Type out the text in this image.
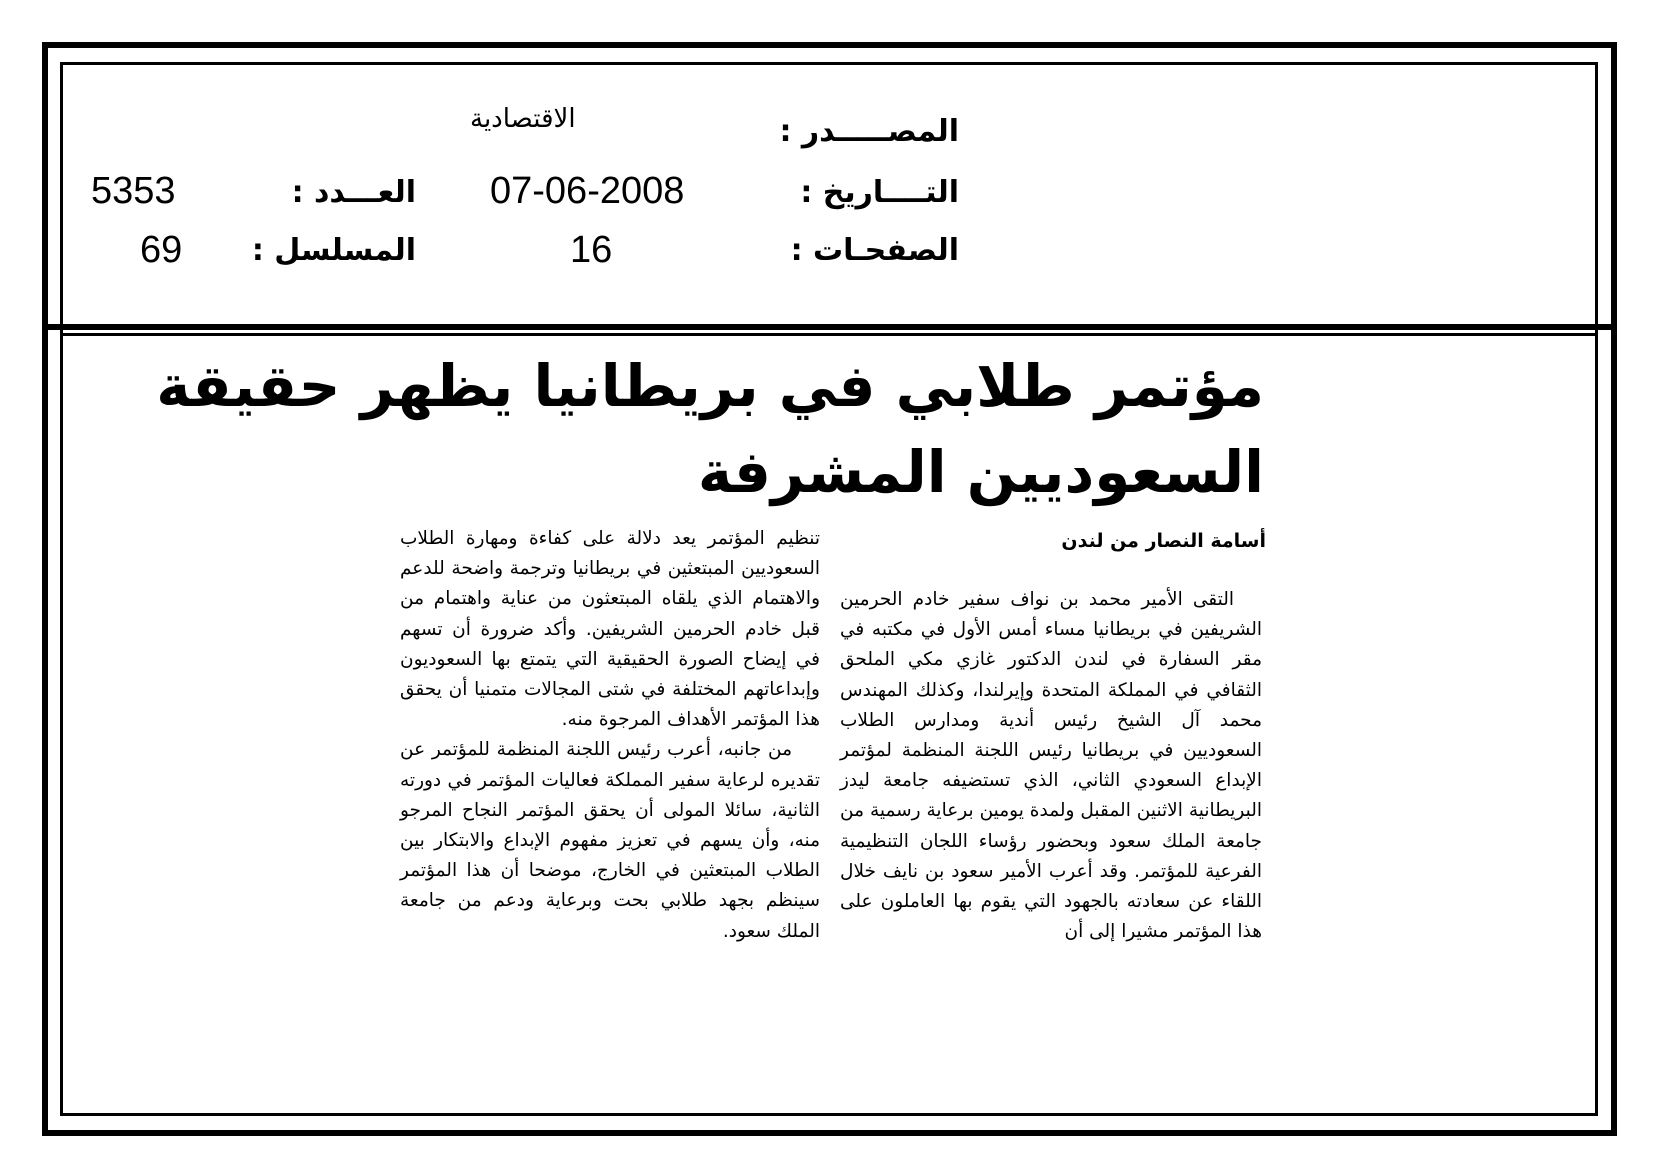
المصـــــدر :
الاقتصادية
التــــاريخ :
07-06-2008
العـــدد :
5353
الصفحـات :
16
المسلسل :
69
مؤتمر طلابي في بريطانيا يظهر حقيقة
السعوديين المشرفة
أسامة النصار من لندن

التقى الأمير محمد بن نواف سفير خادم الحرمين الشريفين في بريطانيا مساء أمس الأول في مكتبه في مقر السفارة في لندن الدكتور غازي مكي الملحق الثقافي في المملكة المتحدة وإيرلندا، وكذلك المهندس محمد آل الشيخ رئيس أندية ومدارس الطلاب السعوديين في بريطانيا رئيس اللجنة المنظمة لمؤتمر الإبداع السعودي الثاني، الذي تستضيفه جامعة ليدز البريطانية الاثنين المقبل ولمدة يومين برعاية رسمية من جامعة الملك سعود وبحضور رؤساء اللجان التنظيمية الفرعية للمؤتمر. وقد أعرب الأمير سعود بن نايف خلال اللقاء عن سعادته بالجهود التي يقوم بها العاملون على هذا المؤتمر مشيرا إلى أن

تنظيم المؤتمر يعد دلالة على كفاءة ومهارة الطلاب السعوديين المبتعثين في بريطانيا وترجمة واضحة للدعم والاهتمام الذي يلقاه المبتعثون من عناية واهتمام من قبل خادم الحرمين الشريفين. وأكد ضرورة أن تسهم في إيضاح الصورة الحقيقية التي يتمتع بها السعوديون وإبداعاتهم المختلفة في شتى المجالات متمنيا أن يحقق هذا المؤتمر الأهداف المرجوة منه.

من جانبه، أعرب رئيس اللجنة المنظمة للمؤتمر عن تقديره لرعاية سفير المملكة فعاليات المؤتمر في دورته الثانية، سائلا المولى أن يحقق المؤتمر النجاح المرجو منه، وأن يسهم في تعزيز مفهوم الإبداع والابتكار بين الطلاب المبتعثين في الخارج، موضحا أن هذا المؤتمر سينظم بجهد طلابي بحت وبرعاية ودعم من جامعة الملك سعود.
